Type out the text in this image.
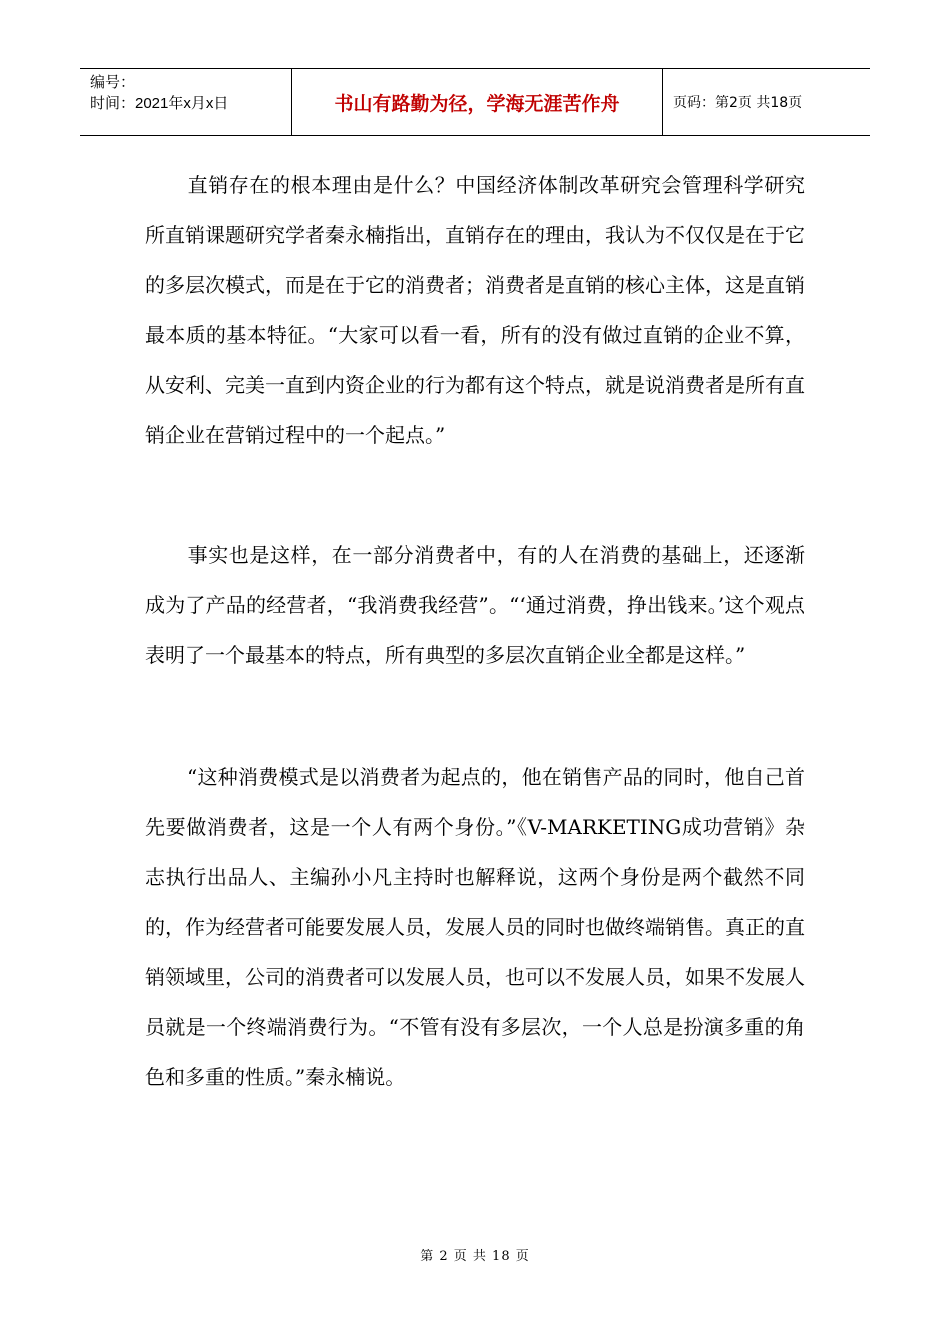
编号：
时间：2021年x月x日	书山有路勤为径，学海无涯苦作舟	页码：第2页 共18页

直销存在的根本理由是什么？中国经济体制改革研究会管理科学研究所直销课题研究学者秦永楠指出，直销存在的理由，我认为不仅仅是在于它的多层次模式，而是在于它的消费者；消费者是直销的核心主体，这是直销最本质的基本特征。“大家可以看一看，所有的没有做过直销的企业不算，从安利、完美一直到内资企业的行为都有这个特点，就是说消费者是所有直销企业在营销过程中的一个起点。”

事实也是这样，在一部分消费者中，有的人在消费的基础上，还逐渐成为了产品的经营者，“我消费我经营”。“‘通过消费，挣出钱来。’这个观点表明了一个最基本的特点，所有典型的多层次直销企业全都是这样。”

“这种消费模式是以消费者为起点的，他在销售产品的同时，他自己首先要做消费者，这是一个人有两个身份。”《V-MARKETING成功营销》杂志执行出品人、主编孙小凡主持时也解释说，这两个身份是两个截然不同的，作为经营者可能要发展人员，发展人员的同时也做终端销售。真正的直销领域里，公司的消费者可以发展人员，也可以不发展人员，如果不发展人员就是一个终端消费行为。“不管有没有多层次，一个人总是扮演多重的角色和多重的性质。”秦永楠说。

第 2 页 共 18 页
